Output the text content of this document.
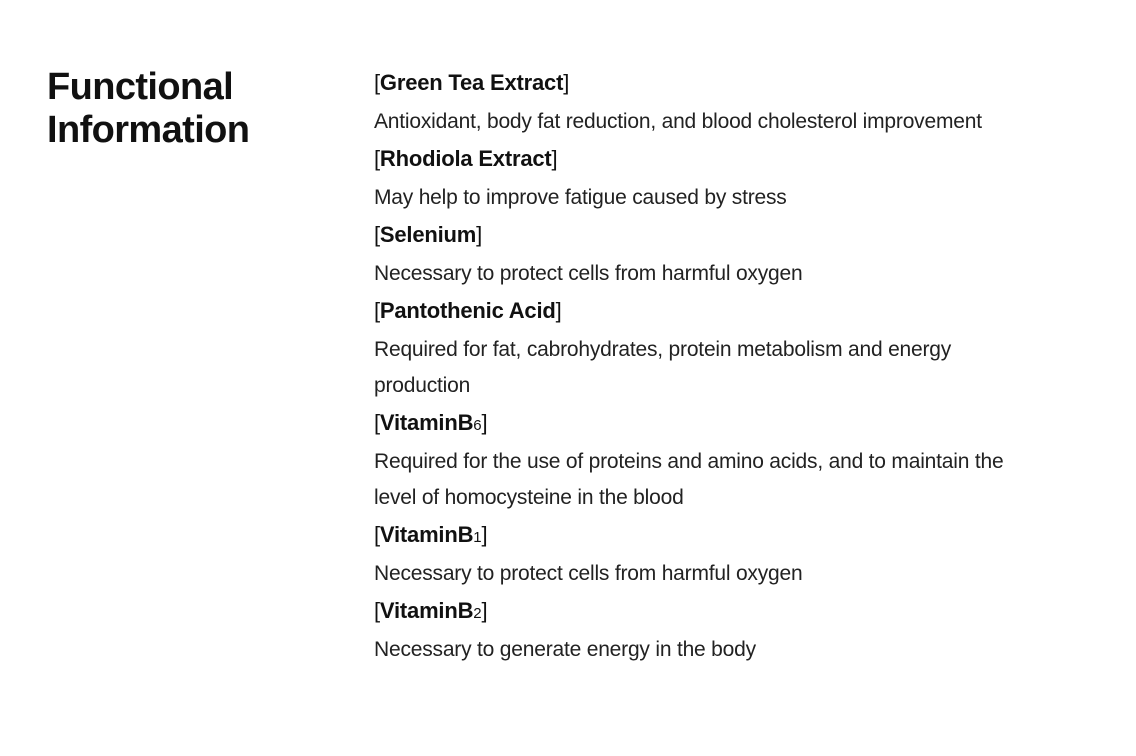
Functional
Information
[Green Tea Extract]
Antioxidant, body fat reduction, and blood cholesterol improvement
[Rhodiola Extract]
May help to improve fatigue caused by stress
[Selenium]
Necessary to protect cells from harmful oxygen
[Pantothenic Acid]
Required for fat, cabrohydrates, protein metabolism and energy production
[VitaminB6]
Required for the use of proteins and amino acids, and to maintain the level of homocysteine in the blood
[VitaminB1]
Necessary to protect cells from harmful oxygen
[VitaminB2]
Necessary to generate energy in the body
